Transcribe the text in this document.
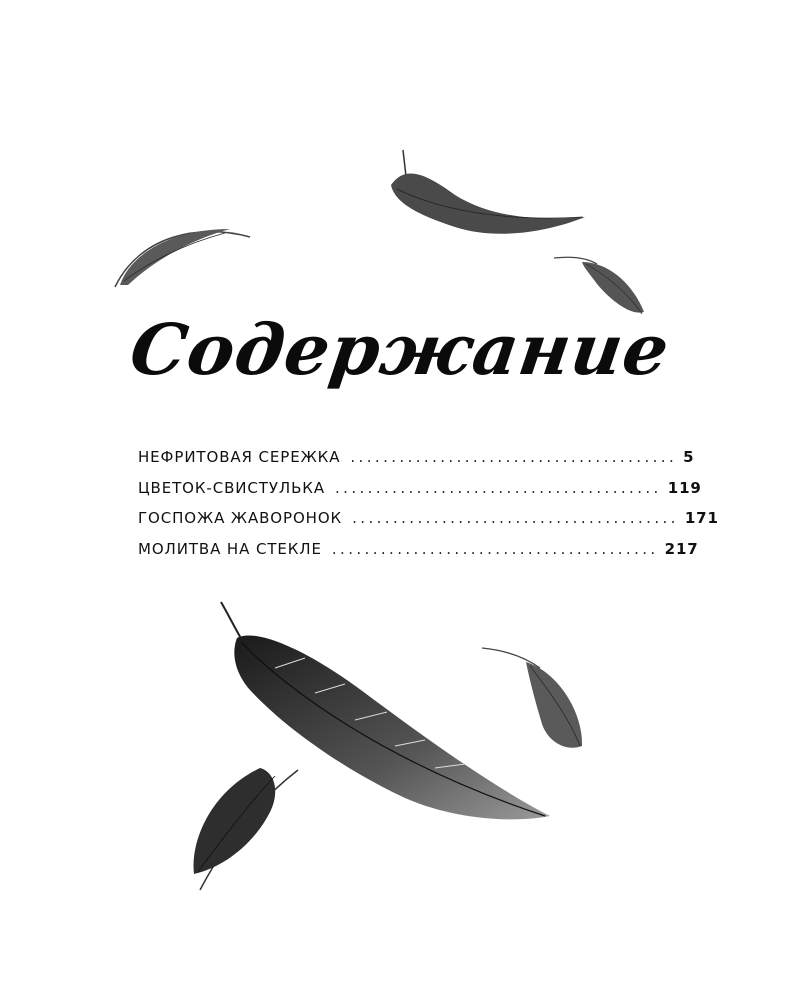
Содержание
НЕФРИТОВАЯ СЕРЕЖКА ........................................ 5
ЦВЕТОК-СВИСТУЛЬКА ........................................ 119
ГОСПОЖА ЖАВОРОНОК ........................................ 171
МОЛИТВА НА СТЕКЛЕ ........................................ 217
